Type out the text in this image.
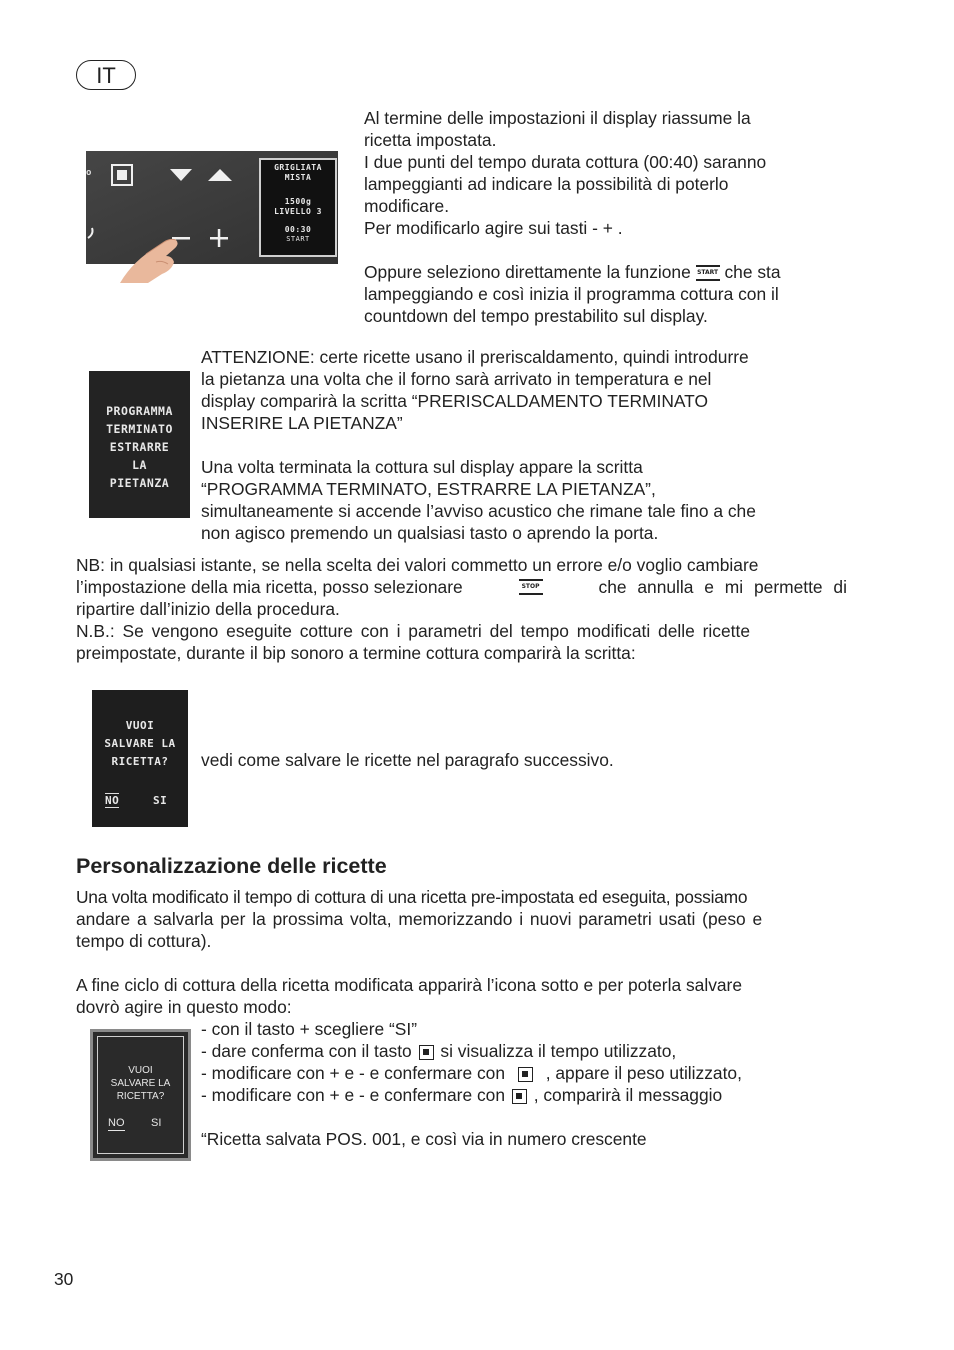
IT
o
GRIGLIATA
MISTA
1500g
LIVELLO 3
00:30
START

Al termine delle impostazioni il display riassume la

ricetta impostata.

I due punti del tempo durata cottura (00:40) saranno

lampeggianti ad indicare la possibilità di poterlo

modificare.

Per modificarlo agire sui tasti - + .

Oppure seleziono direttamente la funzione START che sta

lampeggiando e così inizia il programma cottura con il

countdown del tempo prestabilito sul display.

PROGRAMMA
TERMINATO
ESTRARRE
LA
PIETANZA

ATTENZIONE: certe ricette usano il preriscaldamento, quindi introdurre

la pietanza una volta che il forno sarà arrivato in temperatura e nel

display comparirà la scritta “PRERISCALDAMENTO TERMINATO

INSERIRE LA PIETANZA”

Una volta terminata la cottura sul display appare la scritta

“PROGRAMMA TERMINATO, ESTRARRE LA PIETANZA”,

simultaneamente si accende l’avviso acustico che rimane tale fino a che

non agisco premendo un qualsiasi tasto o aprendo la porta.

NB: in qualsiasi istante, se nella scelta dei valori commetto un errore e/o voglio cambiare

l’impostazione della mia ricetta, posso selezionare	STOP	che annulla e mi permette di

ripartire dall’inizio della procedura.

N.B.: Se vengono eseguite cotture con i parametri del tempo modificati delle ricette

preimpostate, durante il bip sonoro a termine cottura comparirà la scritta:

VUOI
SALVARE LA
RICETTA?
NO	SI
vedi come salvare le ricette nel paragrafo successivo.
Personalizzazione delle ricette

Una volta modificato il tempo di cottura di una ricetta pre-impostata ed eseguita, possiamo

andare a salvarla per la prossima volta, memorizzando i nuovi parametri usati (peso e

tempo di cottura).

A fine ciclo di cottura della ricetta modificata apparirà l’icona sotto e per poterla salvare

dovrò agire in questo modo:

VUOI
SALVARE LA
RICETTA?
NO SI

- con il tasto + scegliere “SI”

- dare conferma con il tasto si visualizza il tempo utilizzato,

- modificare con + e - e confermare con , appare il peso utilizzato,

- modificare con + e - e confermare con , comparirà il messaggio

“Ricetta salvata POS. 001, e così via in numero crescente

30
